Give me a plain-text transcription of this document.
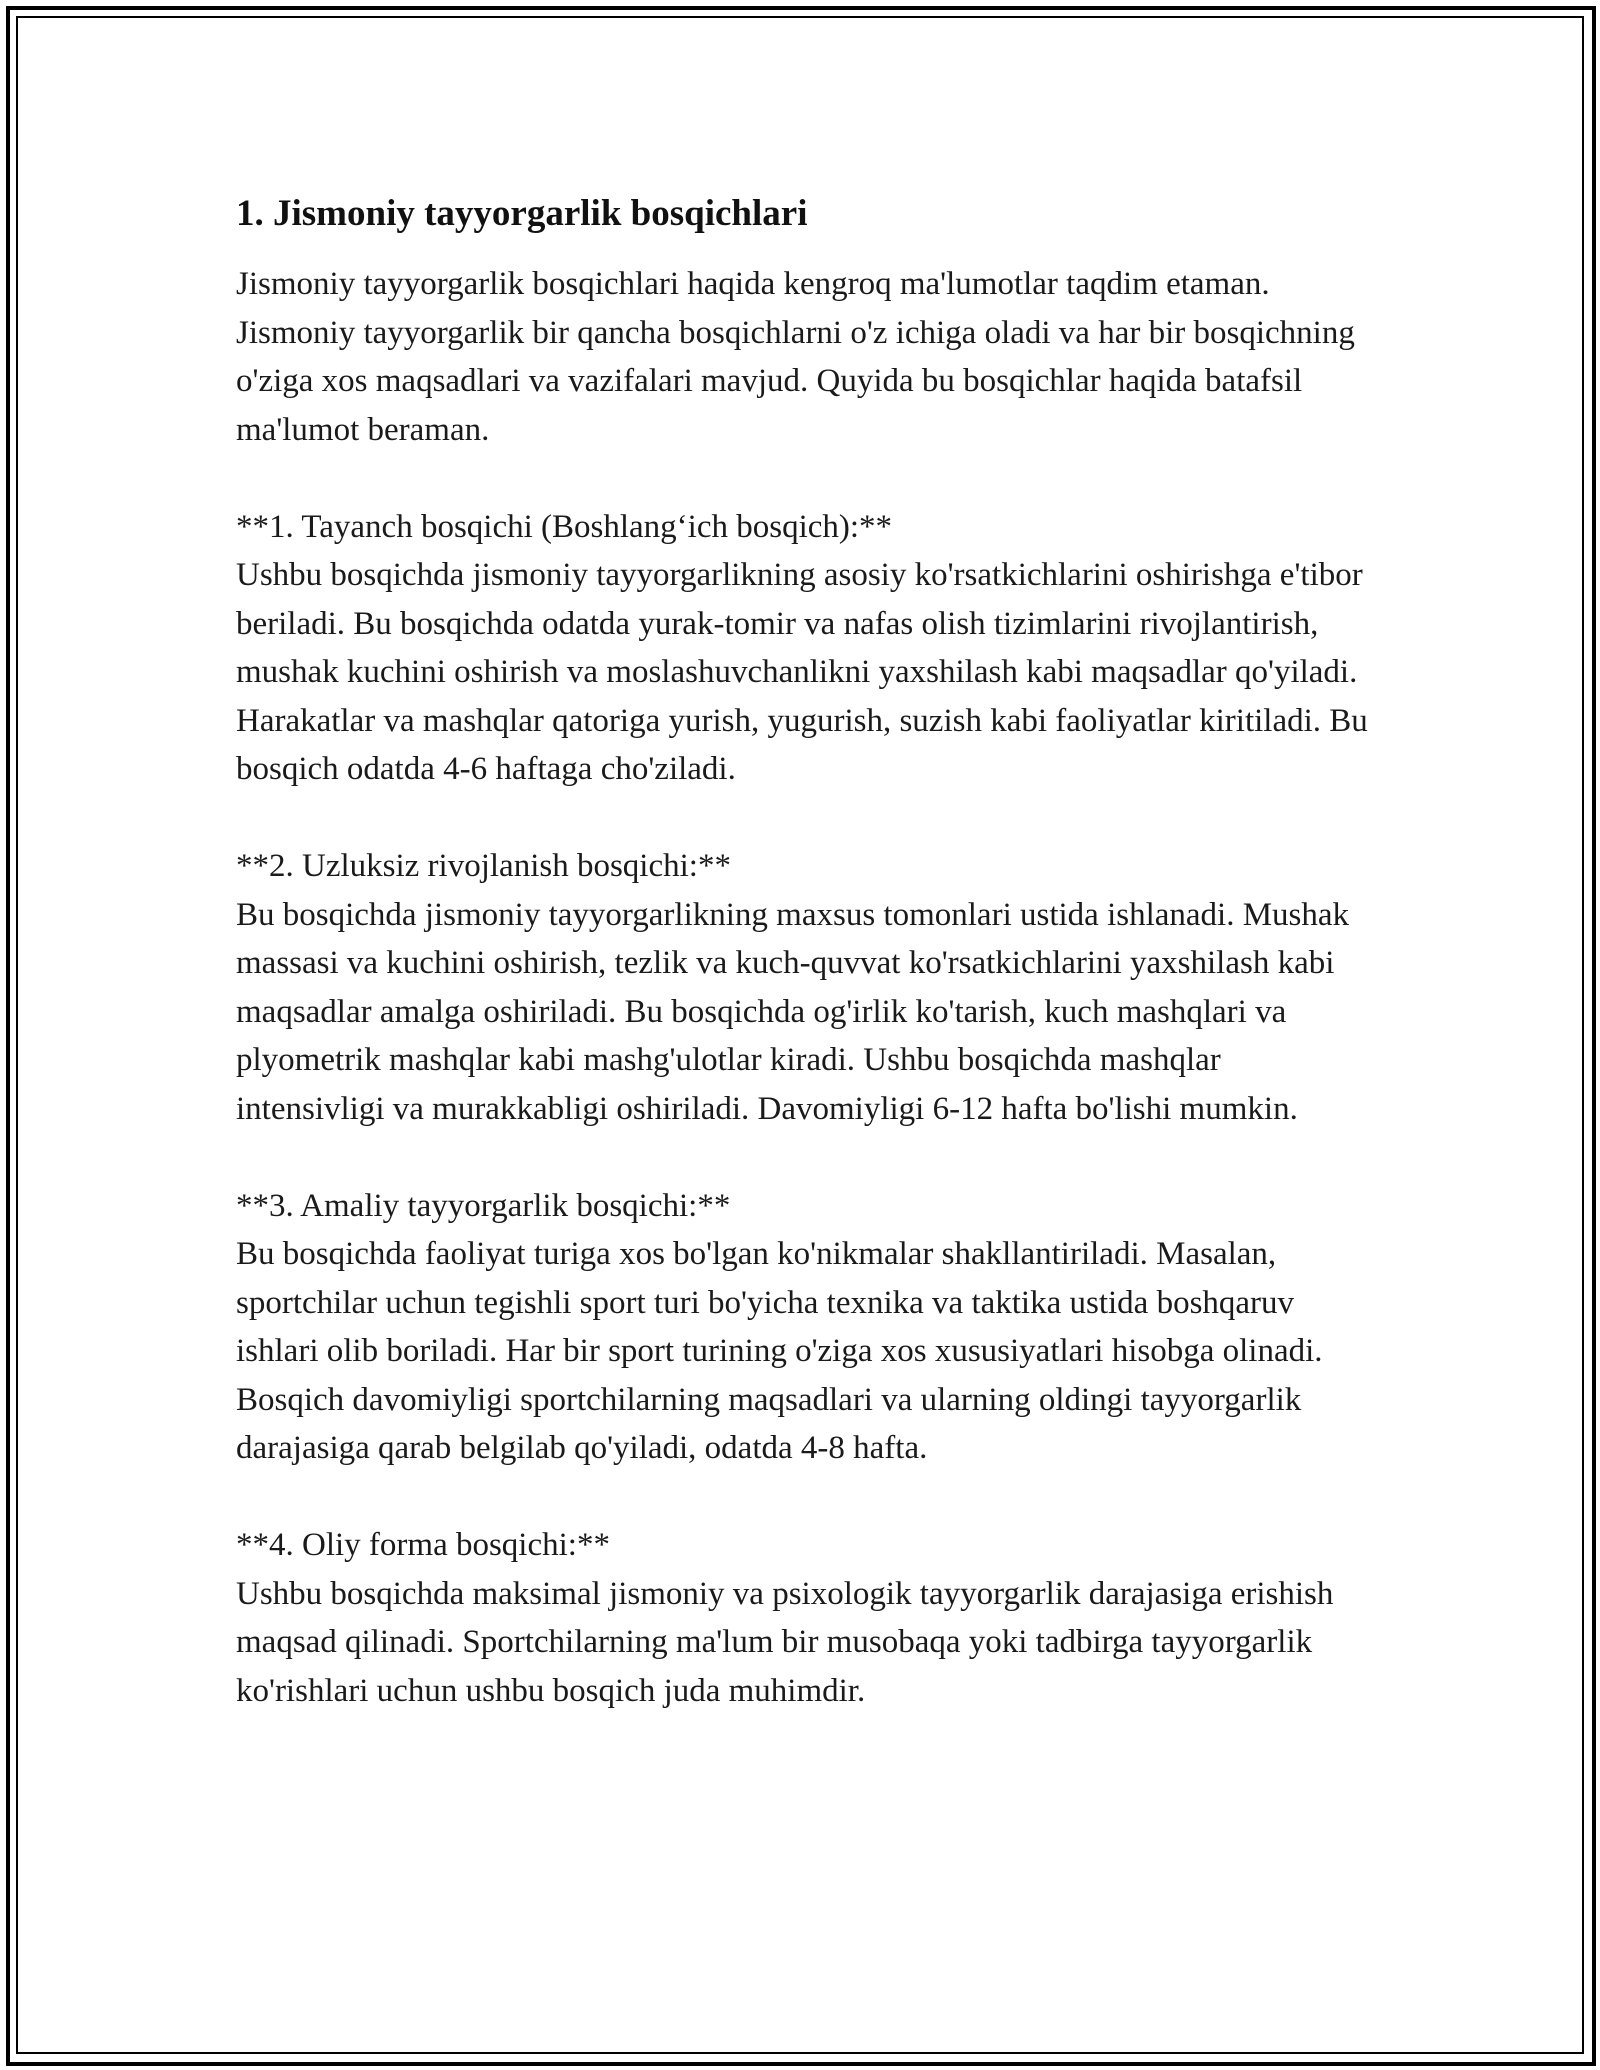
1. Jismoniy tayyorgarlik bosqichlari

Jismoniy tayyorgarlik bosqichlari haqida kengroq ma'lumotlar taqdim etaman. Jismoniy tayyorgarlik bir qancha bosqichlarni o'z ichiga oladi va har bir bosqichning o'ziga xos maqsadlari va vazifalari mavjud. Quyida bu bosqichlar haqida batafsil ma'lumot beraman.

**1. Tayanch bosqichi (Boshlang‘ich bosqich):**
Ushbu bosqichda jismoniy tayyorgarlikning asosiy ko'rsatkichlarini oshirishga e'tibor beriladi. Bu bosqichda odatda yurak-tomir va nafas olish tizimlarini rivojlantirish, mushak kuchini oshirish va moslashuvchanlikni yaxshilash kabi maqsadlar qo'yiladi. Harakatlar va mashqlar qatoriga yurish, yugurish, suzish kabi faoliyatlar kiritiladi. Bu bosqich odatda 4-6 haftaga cho'ziladi.
**2. Uzluksiz rivojlanish bosqichi:**
Bu bosqichda jismoniy tayyorgarlikning maxsus tomonlari ustida ishlanadi. Mushak massasi va kuchini oshirish, tezlik va kuch-quvvat ko'rsatkichlarini yaxshilash kabi maqsadlar amalga oshiriladi. Bu bosqichda og'irlik ko'tarish, kuch mashqlari va plyometrik mashqlar kabi mashg'ulotlar kiradi. Ushbu bosqichda mashqlar intensivligi va murakkabligi oshiriladi. Davomiyligi 6-12 hafta bo'lishi mumkin.
**3. Amaliy tayyorgarlik bosqichi:**
Bu bosqichda faoliyat turiga xos bo'lgan ko'nikmalar shakllantiriladi. Masalan, sportchilar uchun tegishli sport turi bo'yicha texnika va taktika ustida boshqaruv ishlari olib boriladi. Har bir sport turining o'ziga xos xususiyatlari hisobga olinadi. Bosqich davomiyligi sportchilarning maqsadlari va ularning oldingi tayyorgarlik darajasiga qarab belgilab qo'yiladi, odatda 4-8 hafta.
**4. Oliy forma bosqichi:**
Ushbu bosqichda maksimal jismoniy va psixologik tayyorgarlik darajasiga erishish maqsad qilinadi. Sportchilarning ma'lum bir musobaqa yoki tadbirga tayyorgarlik ko'rishlari uchun ushbu bosqich juda muhimdir.
